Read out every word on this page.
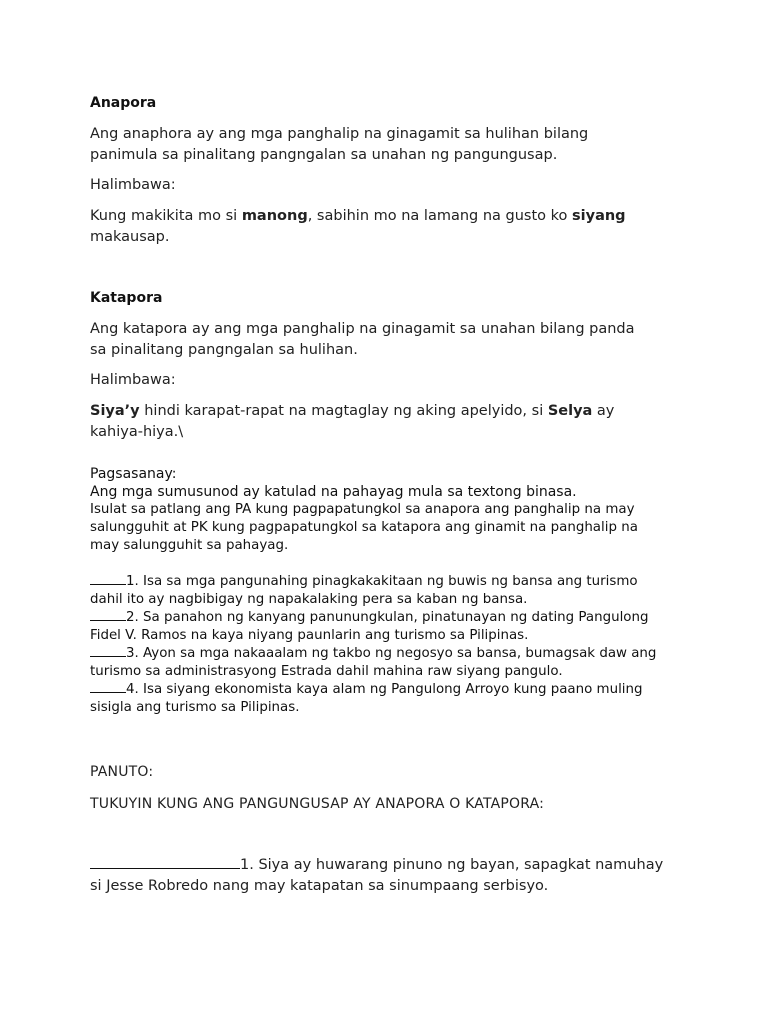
Anapora

Ang anaphora ay ang mga panghalip na ginagamit sa hulihan bilang panimula sa pinalitang pangngalan sa unahan ng pangungusap.

Halimbawa:

Kung makikita mo si manong, sabihin mo na lamang na gusto ko siyang makausap.

Katapora

Ang katapora ay ang mga panghalip na ginagamit sa unahan bilang panda sa pinalitang pangngalan sa hulihan.

Halimbawa:

Siya’y hindi karapat-rapat na magtaglay ng aking apelyido, si Selya ay kahiya-hiya.\

Pagsasanay:
Ang mga sumusunod ay katulad na pahayag mula sa textong binasa.
Isulat sa patlang ang PA kung pagpapatungkol sa anapora ang panghalip na may
salungguhit at PK kung pagpapatungkol sa katapora ang ginamit na panghalip na
may salungguhit sa pahayag.
1. Isa sa mga pangunahing pinagkakakitaan ng buwis ng bansa ang turismo
dahil ito ay nagbibigay ng napakalaking pera sa kaban ng bansa.
2. Sa panahon ng kanyang panunungkulan, pinatunayan ng dating Pangulong
Fidel V. Ramos na kaya niyang paunlarin ang turismo sa Pilipinas.
3. Ayon sa mga nakaaalam ng takbo ng negosyo sa bansa, bumagsak daw ang
turismo sa administrasyong Estrada dahil mahina raw siyang pangulo.
4. Isa siyang ekonomista kaya alam ng Pangulong Arroyo kung paano muling
sisigla ang turismo sa Pilipinas.
PANUTO:
TUKUYIN KUNG ANG PANGUNGUSAP AY ANAPORA O KATAPORA:
1. Siya ay huwarang pinuno ng bayan, sapagkat namuhay
si Jesse Robredo nang may katapatan sa sinumpaang serbisyo.
